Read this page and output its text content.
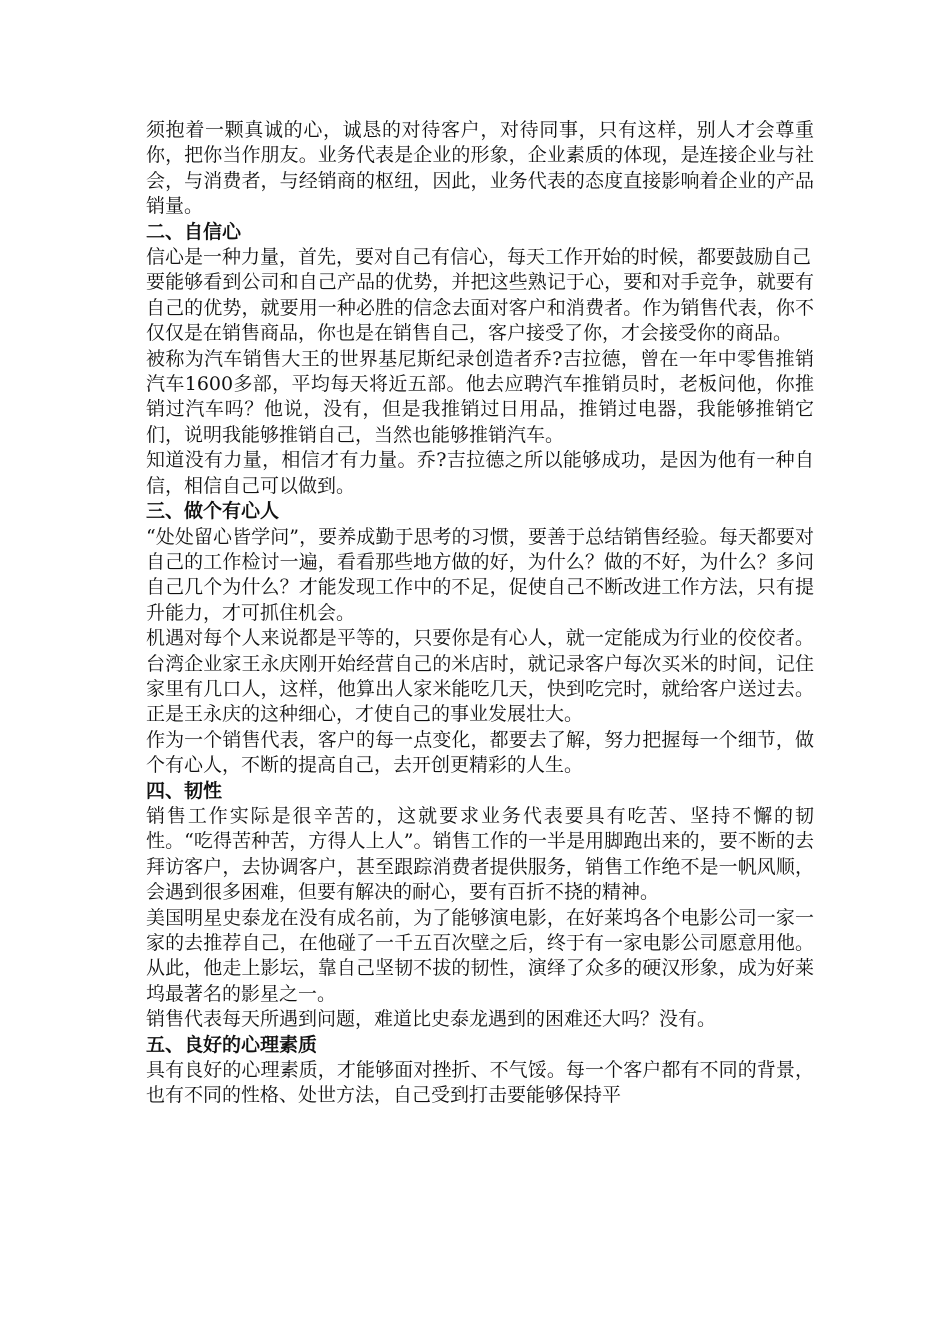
须抱着一颗真诚的心，诚恳的对待客户，对待同事，只有这样，别人才会尊重你，把你当作朋友。业务代表是企业的形象，企业素质的体现，是连接企业与社会，与消费者，与经销商的枢纽，因此，业务代表的态度直接影响着企业的产品销量。

二、自信心

信心是一种力量，首先，要对自己有信心，每天工作开始的时候，都要鼓励自己

要能够看到公司和自己产品的优势，并把这些熟记于心，要和对手竞争，就要有自己的优势，就要用一种必胜的信念去面对客户和消费者。作为销售代表，你不仅仅是在销售商品，你也是在销售自己，客户接受了你，才会接受你的商品。

被称为汽车销售大王的世界基尼斯纪录创造者乔?吉拉德，曾在一年中零售推销汽车1600多部，平均每天将近五部。他去应聘汽车推销员时，老板问他，你推销过汽车吗？他说，没有，但是我推销过日用品，推销过电器，我能够推销它们，说明我能够推销自己，当然也能够推销汽车。

知道没有力量，相信才有力量。乔?吉拉德之所以能够成功，是因为他有一种自信，相信自己可以做到。

三、做个有心人

“处处留心皆学问”，要养成勤于思考的习惯，要善于总结销售经验。每天都要对自己的工作检讨一遍，看看那些地方做的好，为什么？做的不好，为什么？多问自己几个为什么？才能发现工作中的不足，促使自己不断改进工作方法，只有提升能力，才可抓住机会。

机遇对每个人来说都是平等的，只要你是有心人，就一定能成为行业的佼佼者。台湾企业家王永庆刚开始经营自己的米店时，就记录客户每次买米的时间，记住家里有几口人，这样，他算出人家米能吃几天，快到吃完时，就给客户送过去。正是王永庆的这种细心，才使自己的事业发展壮大。

作为一个销售代表，客户的每一点变化，都要去了解，努力把握每一个细节，做个有心人，不断的提高自己，去开创更精彩的人生。

四、韧性

销售工作实际是很辛苦的，这就要求业务代表要具有吃苦、坚持不懈的韧性。“吃得苦种苦，方得人上人”。销售工作的一半是用脚跑出来的，要不断的去拜访客户，去协调客户，甚至跟踪消费者提供服务，销售工作绝不是一帆风顺，会遇到很多困难，但要有解决的耐心，要有百折不挠的精神。

美国明星史泰龙在没有成名前，为了能够演电影，在好莱坞各个电影公司一家一家的去推荐自己，在他碰了一千五百次壁之后，终于有一家电影公司愿意用他。从此，他走上影坛，靠自己坚韧不拔的韧性，演绎了众多的硬汉形象，成为好莱坞最著名的影星之一。

销售代表每天所遇到问题，难道比史泰龙遇到的困难还大吗？没有。

五、良好的心理素质

具有良好的心理素质，才能够面对挫折、不气馁。每一个客户都有不同的背景，也有不同的性格、处世方法，自己受到打击要能够保持平
